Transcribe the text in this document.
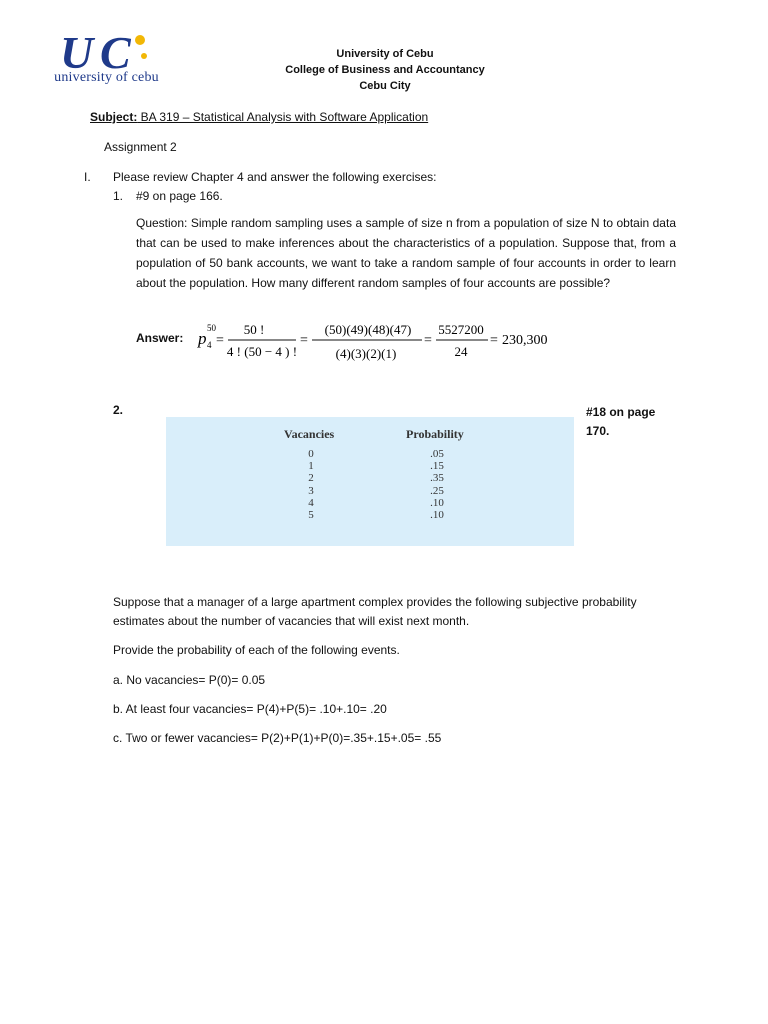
U C
university of cebu
University of Cebu
College of Business and Accountancy
Cebu City
Subject: BA 319 – Statistical Analysis with Software Application
Assignment 2
I. Please review Chapter 4 and answer the following exercises:
1. #9 on page 166.
Question: Simple random sampling uses a sample of size n from a population of size N to obtain data that can be used to make inferences about the characteristics of a population. Suppose that, from a population of 50 bank accounts, we want to take a random sample of four accounts in order to learn about the population. How many different random samples of four accounts are possible?
Answer: p
50
4 =
50 !
4 ! (50 − 4 ) !
=
(50)(49)(48)(47)
(4)(3)(2)(1)
=
5527200
24
= 230,300
2.	#18 on page 170.
Vacancies	Probability
0
1
2
3
4
5
.05
.15
.35
.25
.10
.10
Suppose that a manager of a large apartment complex provides the following subjective probability
estimates about the number of vacancies that will exist next month.
Provide the probability of each of the following events.
a. No vacancies= P(0)= 0.05
b. At least four vacancies= P(4)+P(5)= .10+.10= .20
c. Two or fewer vacancies= P(2)+P(1)+P(0)=.35+.15+.05= .55
